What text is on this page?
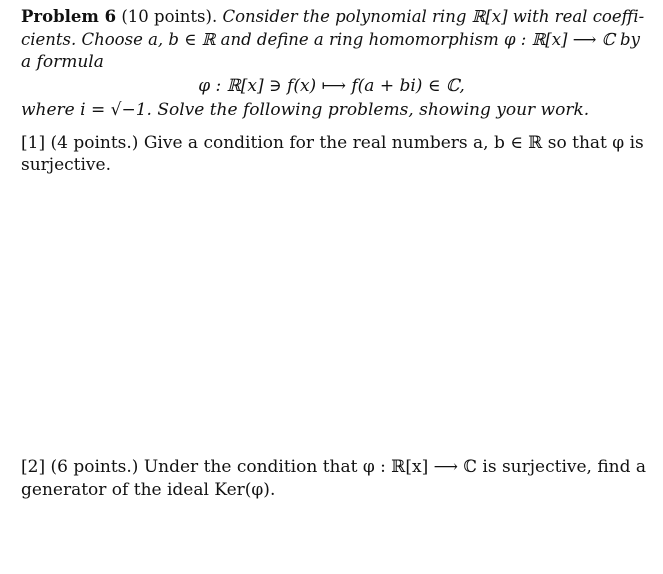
Problem 6 (10 points). Consider the polynomial ring ℝ[x] with real coeffi-
cients. Choose a, b ∈ ℝ and define a ring homomorphism φ : ℝ[x] ⟶ ℂ by
a formula
φ : ℝ[x] ∋ f(x) ⟼ f(a + bi) ∈ ℂ,
where i = √−1. Solve the following problems, showing your work.
[1] (4 points.) Give a condition for the real numbers a, b ∈ ℝ so that φ is
surjective.
[2] (6 points.) Under the condition that φ : ℝ[x] ⟶ ℂ is surjective, find a
generator of the ideal Ker(φ).
